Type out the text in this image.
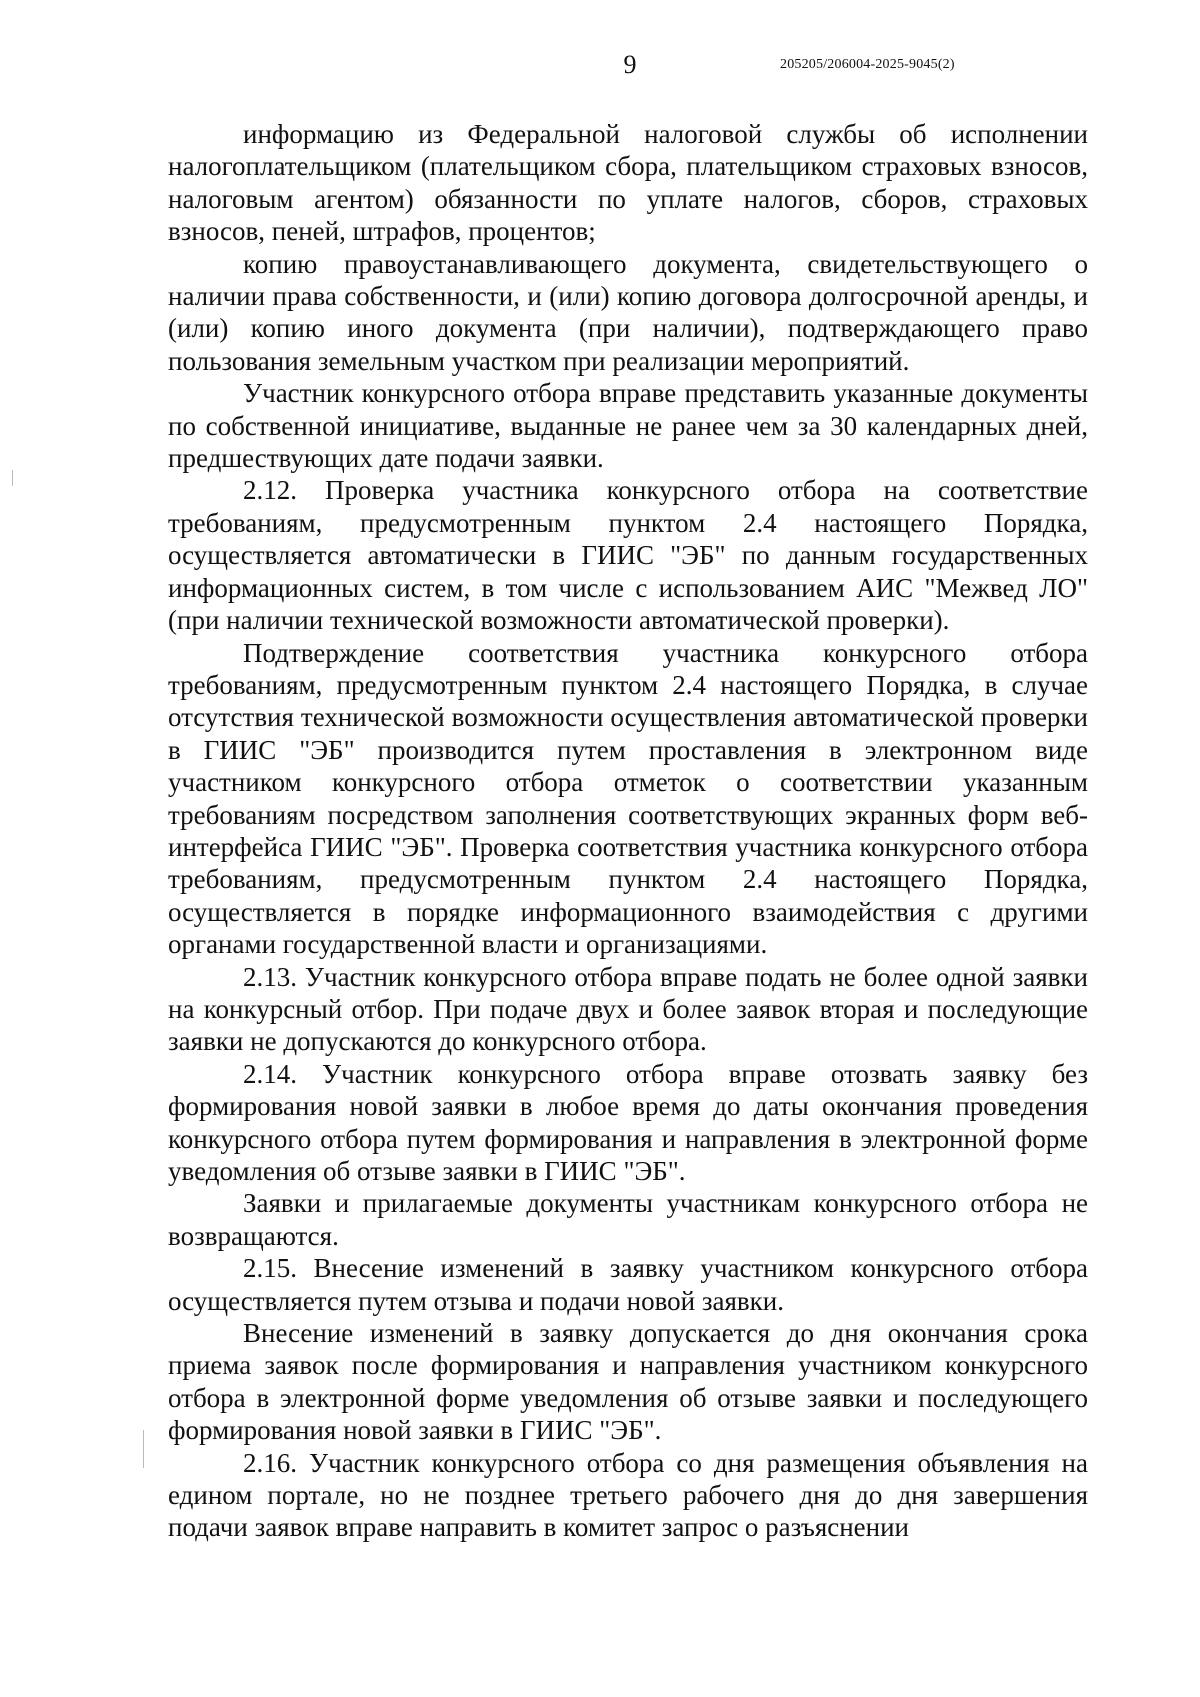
9	205205/206004-2025-9045(2)

информацию из Федеральной налоговой службы об исполнении налогоплательщиком (плательщиком сбора, плательщиком страховых взносов, налоговым агентом) обязанности по уплате налогов, сборов, страховых взносов, пеней, штрафов, процентов;

копию правоустанавливающего документа, свидетельствующего о наличии права собственности, и (или) копию договора долгосрочной аренды, и (или) копию иного документа (при наличии), подтверждающего право пользования земельным участком при реализации мероприятий.

Участник конкурсного отбора вправе представить указанные документы по собственной инициативе, выданные не ранее чем за 30 календарных дней, предшествующих дате подачи заявки.

2.12. Проверка участника конкурсного отбора на соответствие требованиям, предусмотренным пунктом 2.4 настоящего Порядка, осуществляется автоматически в ГИИС "ЭБ" по данным государственных информационных систем, в том числе с использованием АИС "Межвед ЛО" (при наличии технической возможности автоматической проверки).

Подтверждение соответствия участника конкурсного отбора требованиям, предусмотренным пунктом 2.4 настоящего Порядка, в случае отсутствия технической возможности осуществления автоматической проверки в ГИИС "ЭБ" производится путем проставления в электронном виде участником конкурсного отбора отметок о соответствии указанным требованиям посредством заполнения соответствующих экранных форм веб-интерфейса ГИИС "ЭБ". Проверка соответствия участника конкурсного отбора требованиям, предусмотренным пунктом 2.4 настоящего Порядка, осуществляется в порядке информационного взаимодействия с другими органами государственной власти и организациями.

2.13. Участник конкурсного отбора вправе подать не более одной заявки на конкурсный отбор. При подаче двух и более заявок вторая и последующие заявки не допускаются до конкурсного отбора.

2.14. Участник конкурсного отбора вправе отозвать заявку без формирования новой заявки в любое время до даты окончания проведения конкурсного отбора путем формирования и направления в электронной форме уведомления об отзыве заявки в ГИИС "ЭБ".

Заявки и прилагаемые документы участникам конкурсного отбора не возвращаются.

2.15. Внесение изменений в заявку участником конкурсного отбора осуществляется путем отзыва и подачи новой заявки.

Внесение изменений в заявку допускается до дня окончания срока приема заявок после формирования и направления участником конкурсного отбора в электронной форме уведомления об отзыве заявки и последующего формирования новой заявки в ГИИС "ЭБ".

2.16. Участник конкурсного отбора со дня размещения объявления на едином портале, но не позднее третьего рабочего дня до дня завершения подачи заявок вправе направить в комитет запрос о разъяснении
